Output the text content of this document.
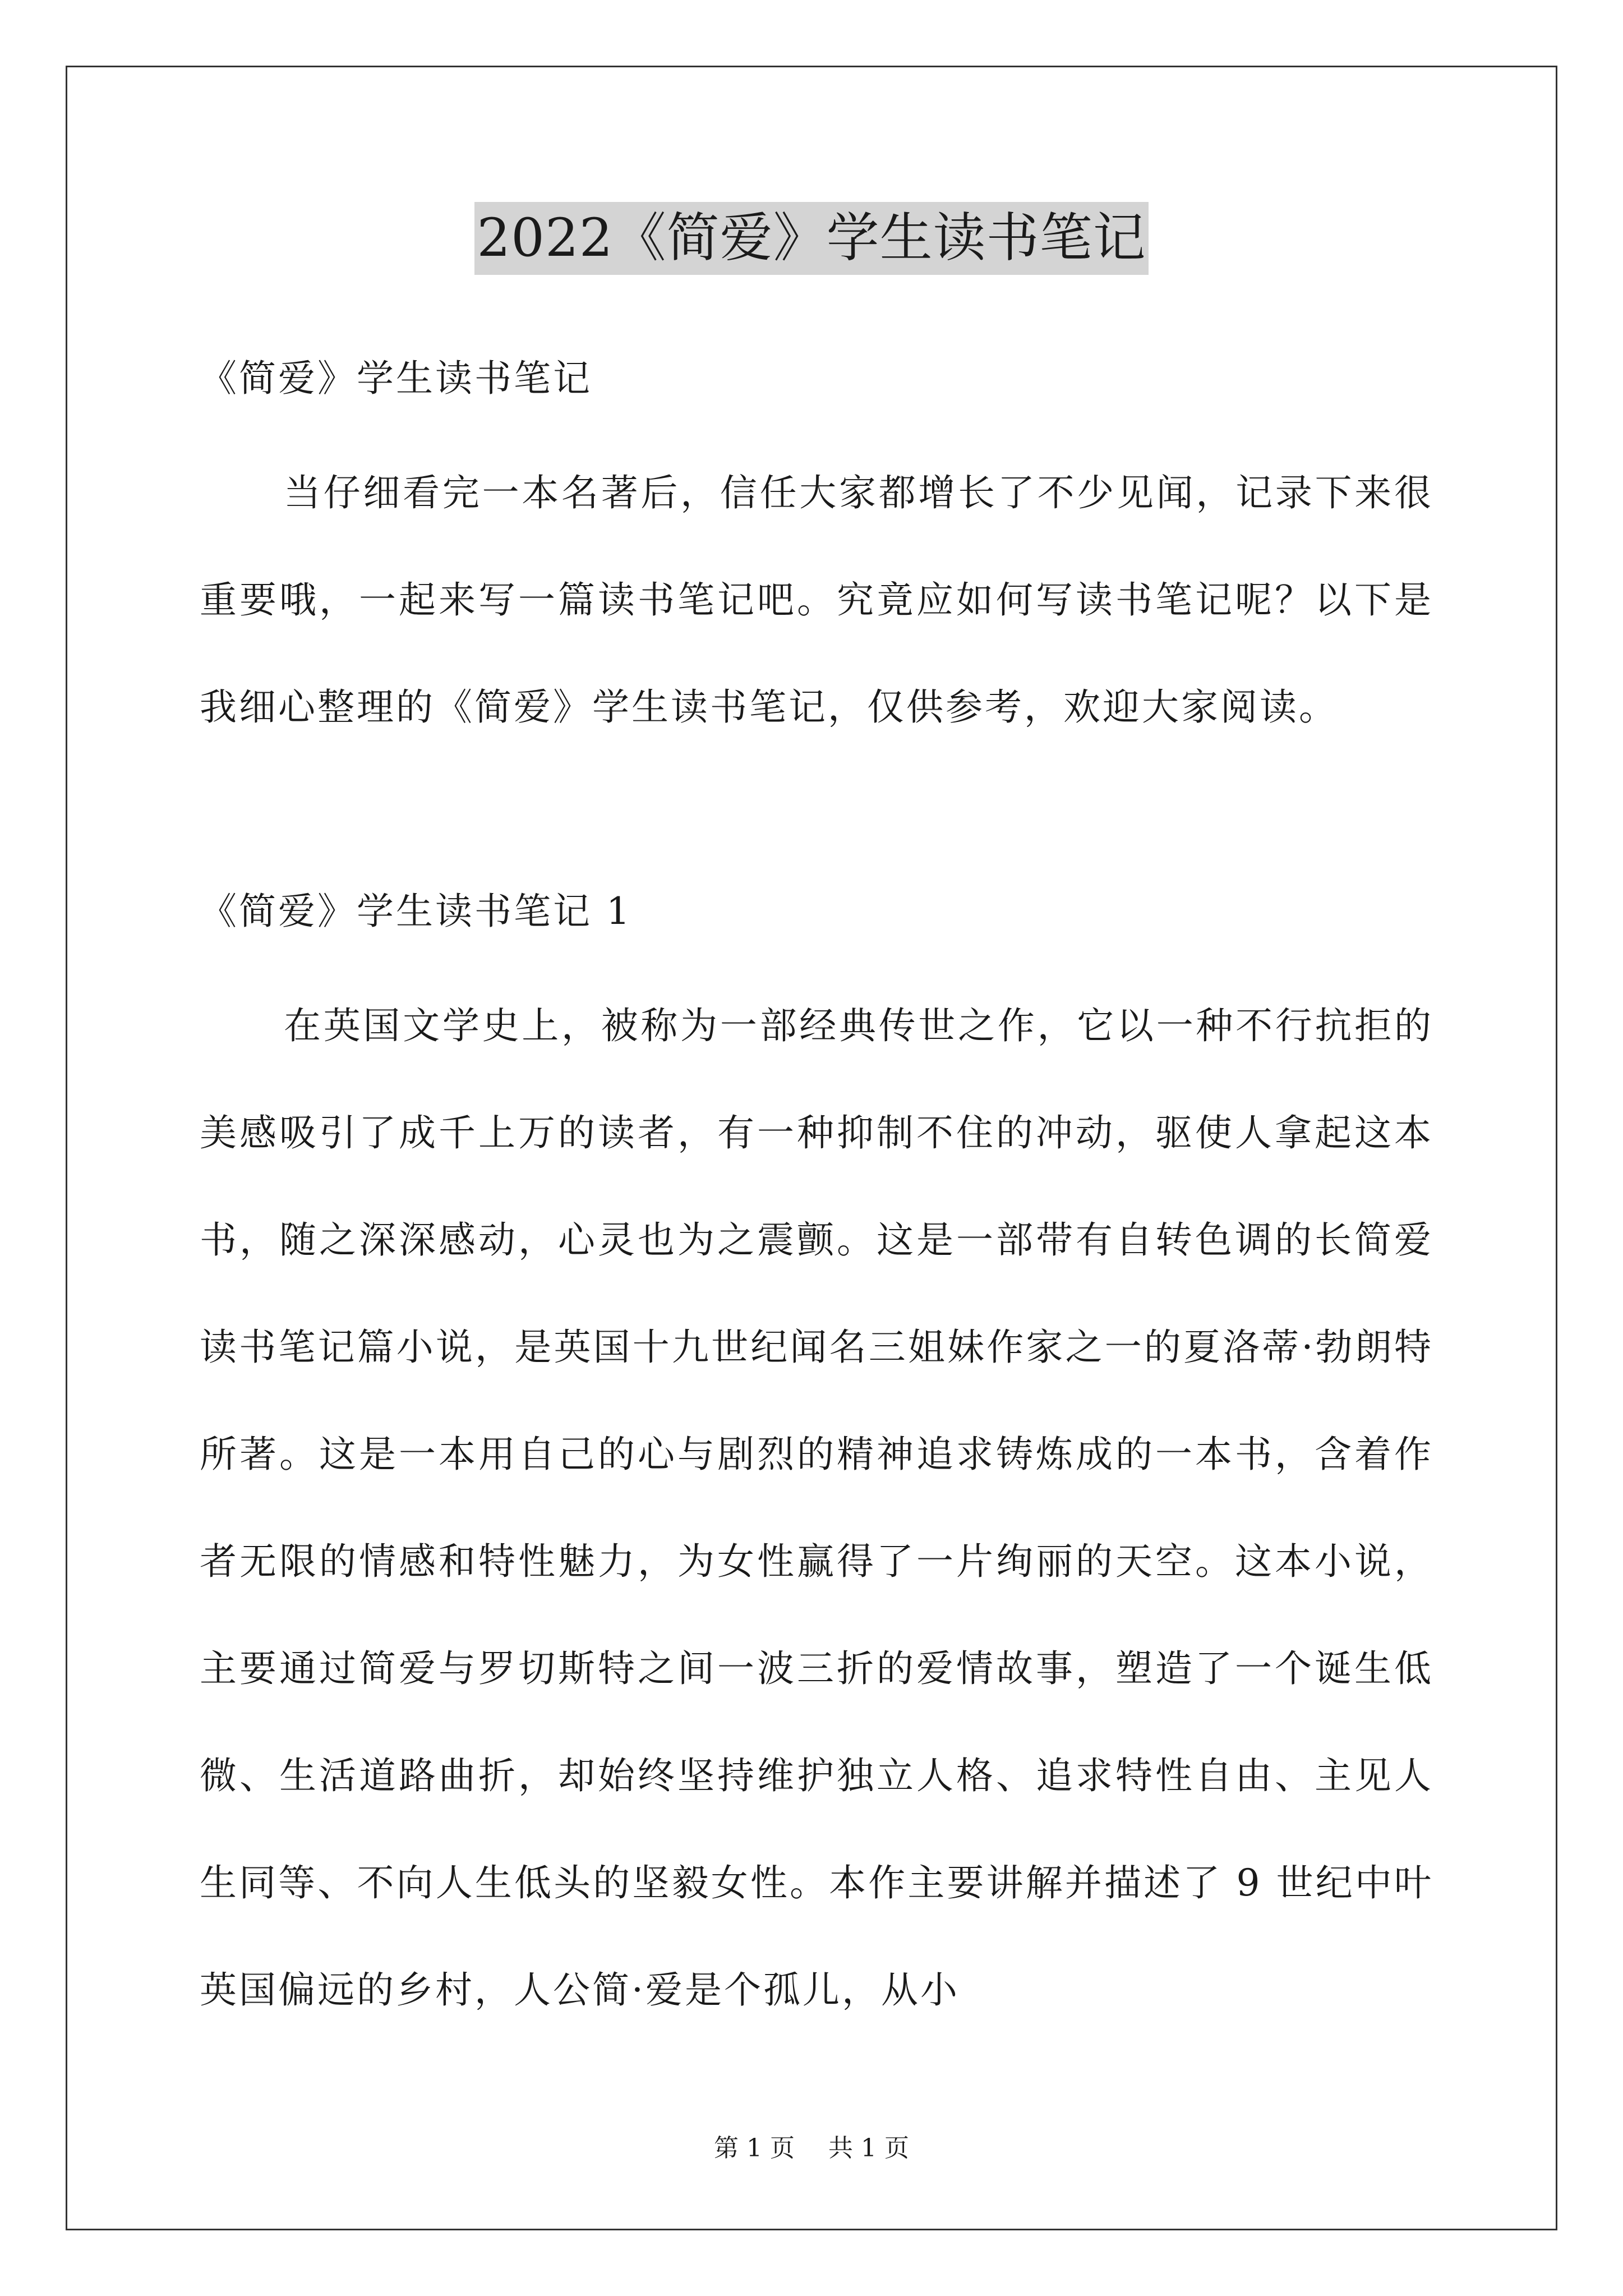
2022《简爱》学生读书笔记
《简爱》学生读书笔记
当仔细看完一本名著后，信任大家都增长了不少见闻，记录下来很重要哦，一起来写一篇读书笔记吧。究竟应如何写读书笔记呢？以下是我细心整理的《简爱》学生读书笔记，仅供参考，欢迎大家阅读。
《简爱》学生读书笔记 1
在英国文学史上，被称为一部经典传世之作，它以一种不行抗拒的美感吸引了成千上万的读者，有一种抑制不住的冲动，驱使人拿起这本书，随之深深感动，心灵也为之震颤。这是一部带有自转色调的长简爱读书笔记篇小说，是英国十九世纪闻名三姐妹作家之一的夏洛蒂·勃朗特所著。这是一本用自己的心与剧烈的精神追求铸炼成的一本书，含着作者无限的情感和特性魅力，为女性赢得了一片绚丽的天空。这本小说，主要通过简爱与罗切斯特之间一波三折的爱情故事，塑造了一个诞生低微、生活道路曲折，却始终坚持维护独立人格、追求特性自由、主见人生同等、不向人生低头的坚毅女性。本作主要讲解并描述了 9 世纪中叶英国偏远的乡村，人公简·爱是个孤儿，从小
第 1 页 共 1 页
